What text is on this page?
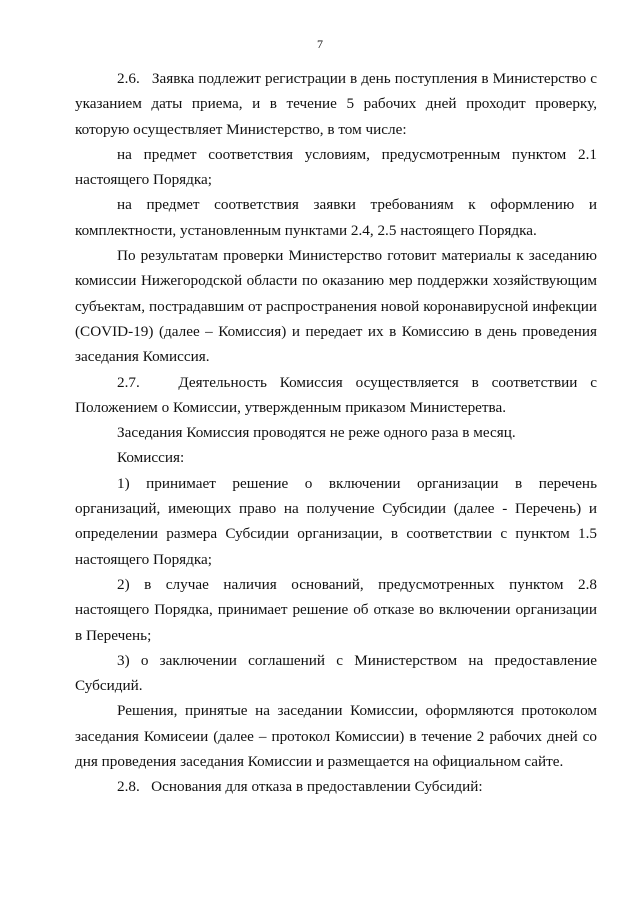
7

2.6.   Заявка подлежит регистрации в день поступления в Министерство с указанием даты приема, и в течение 5 рабочих дней проходит проверку, которую осуществляет Министерство, в том числе:

на предмет соответствия условиям, предусмотренным пунктом 2.1 настоящего Порядка;

на предмет соответствия заявки требованиям к оформлению и комплектности, установленным пунктами 2.4, 2.5 настоящего Порядка.

По результатам проверки Министерство готовит материалы к заседанию комиссии Нижегородской области по оказанию мер поддержки хозяйствующим субъектам, пострадавшим от распространения новой коронавирусной инфекции (COVID-19) (далее – Комиссия) и передает их в Комиссию в день проведения заседания Комиссия.

2.7.   Деятельность Комиссия осуществляется в соответствии с Положением о Комиссии, утвержденным приказом Министеретва.

Заседания Комиссия проводятся не реже одного раза в месяц.

Комиссия:

1) принимает решение о включении организации в перечень организаций, имеющих право на получение Субсидии (далее - Перечень) и определении размера Субсидии организации, в соответствии с пунктом 1.5 настоящего Порядка;

2) в случае наличия оснований, предусмотренных пунктом 2.8 настоящего Порядка, принимает решение об отказе во включении организации в Перечень;

3) о заключении соглашений с Министерством на предоставление Субсидий.

Решения, принятые на заседании Комиссии, оформляются протоколом заседания Комисеии (далее – протокол Комиссии) в течение 2 рабочих дней со дня проведения заседания Комиссии и размещается на официальном сайте.

2.8.   Основания для отказа в предоставлении Субсидий:
